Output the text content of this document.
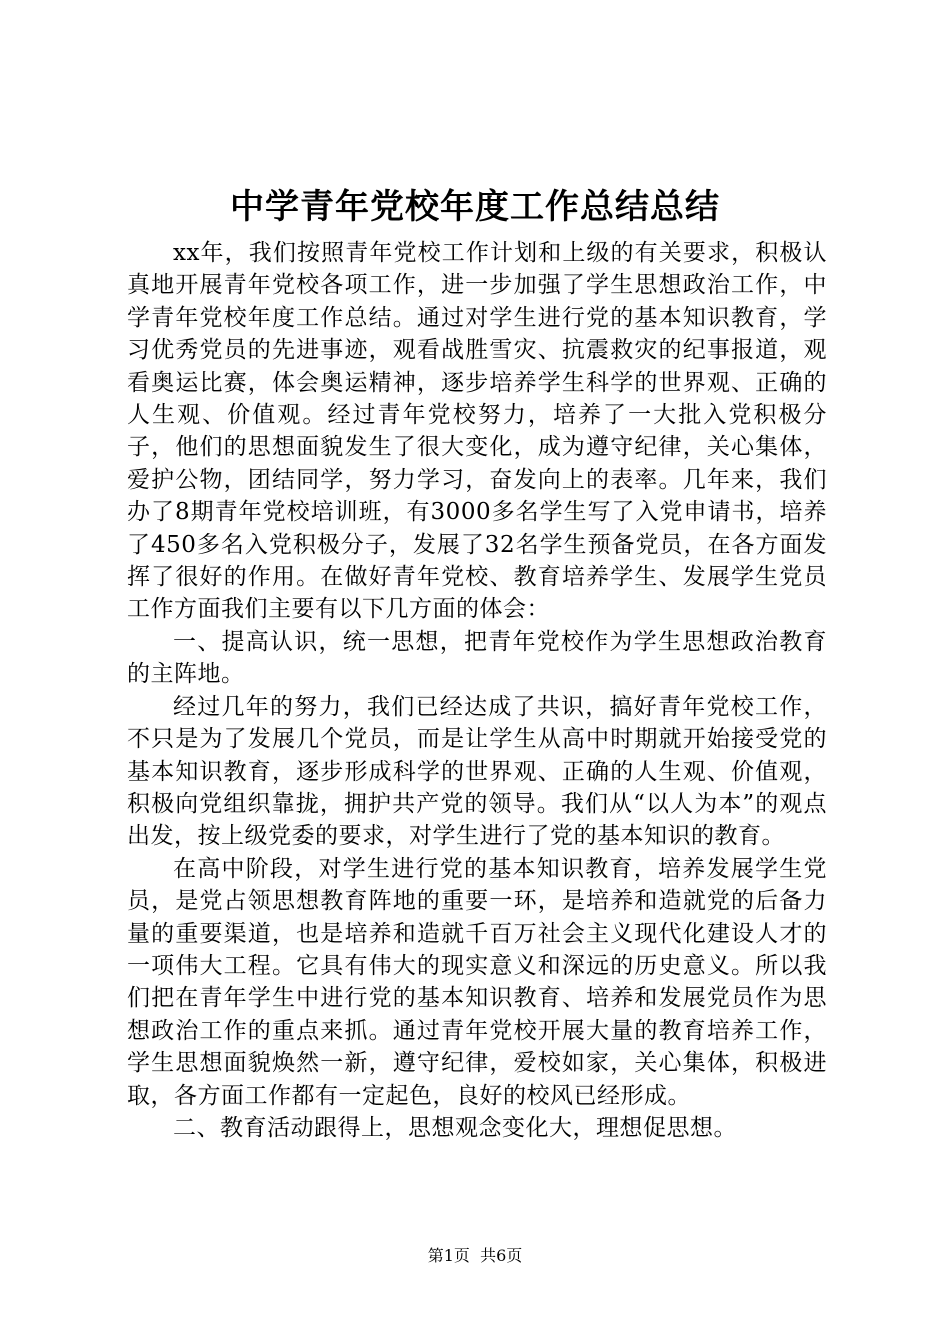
中学青年党校年度工作总结总结

xx年，我们按照青年党校工作计划和上级的有关要求，积极认真地开展青年党校各项工作，进一步加强了学生思想政治工作，中学青年党校年度工作总结。通过对学生进行党的基本知识教育，学习优秀党员的先进事迹，观看战胜雪灾、抗震救灾的纪事报道，观看奥运比赛，体会奥运精神，逐步培养学生科学的世界观、正确的人生观、价值观。经过青年党校努力，培养了一大批入党积极分子，他们的思想面貌发生了很大变化，成为遵守纪律，关心集体，爱护公物，团结同学，努力学习，奋发向上的表率。几年来，我们办了8期青年党校培训班，有3000多名学生写了入党申请书，培养了450多名入党积极分子，发展了32名学生预备党员，在各方面发挥了很好的作用。在做好青年党校、教育培养学生、发展学生党员工作方面我们主要有以下几方面的体会：

一、提高认识，统一思想，把青年党校作为学生思想政治教育的主阵地。

经过几年的努力，我们已经达成了共识，搞好青年党校工作，不只是为了发展几个党员，而是让学生从高中时期就开始接受党的基本知识教育，逐步形成科学的世界观、正确的人生观、价值观，积极向党组织靠拢，拥护共产党的领导。我们从“以人为本”的观点出发，按上级党委的要求，对学生进行了党的基本知识的教育。

在高中阶段，对学生进行党的基本知识教育，培养发展学生党员，是党占领思想教育阵地的重要一环，是培养和造就党的后备力量的重要渠道，也是培养和造就千百万社会主义现代化建设人才的一项伟大工程。它具有伟大的现实意义和深远的历史意义。所以我们把在青年学生中进行党的基本知识教育、培养和发展党员作为思想政治工作的重点来抓。通过青年党校开展大量的教育培养工作，学生思想面貌焕然一新，遵守纪律，爱校如家，关心集体，积极进取，各方面工作都有一定起色，良好的校风已经形成。

二、教育活动跟得上，思想观念变化大，理想促思想。

第1页 共6页
